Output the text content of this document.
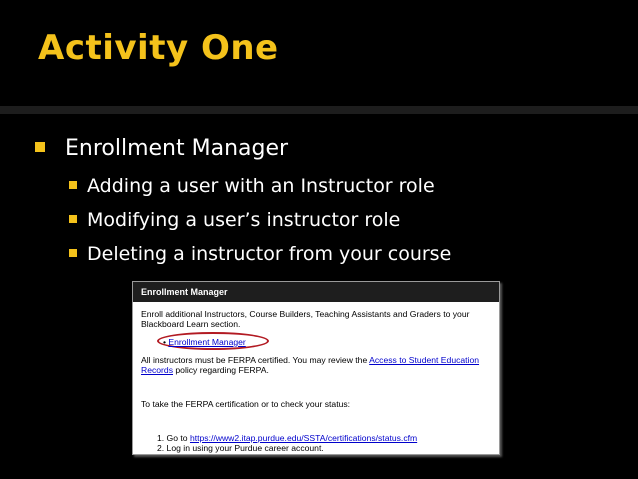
Activity One
Enrollment Manager
Adding a user with an Instructor role
Modifying a user’s instructor role
Deleting a instructor from your course
Enrollment Manager
Enroll additional Instructors, Course Builders, Teaching Assistants and Graders to your
Blackboard Learn section.
• Enrollment Manager
All instructors must be FERPA certified. You may review the Access to Student Education
Records policy regarding FERPA.
To take the FERPA certification or to check your status:
1. Go to https://www2.itap.purdue.edu/SSTA/certifications/status.cfm
2. Log in using your Purdue career account.
